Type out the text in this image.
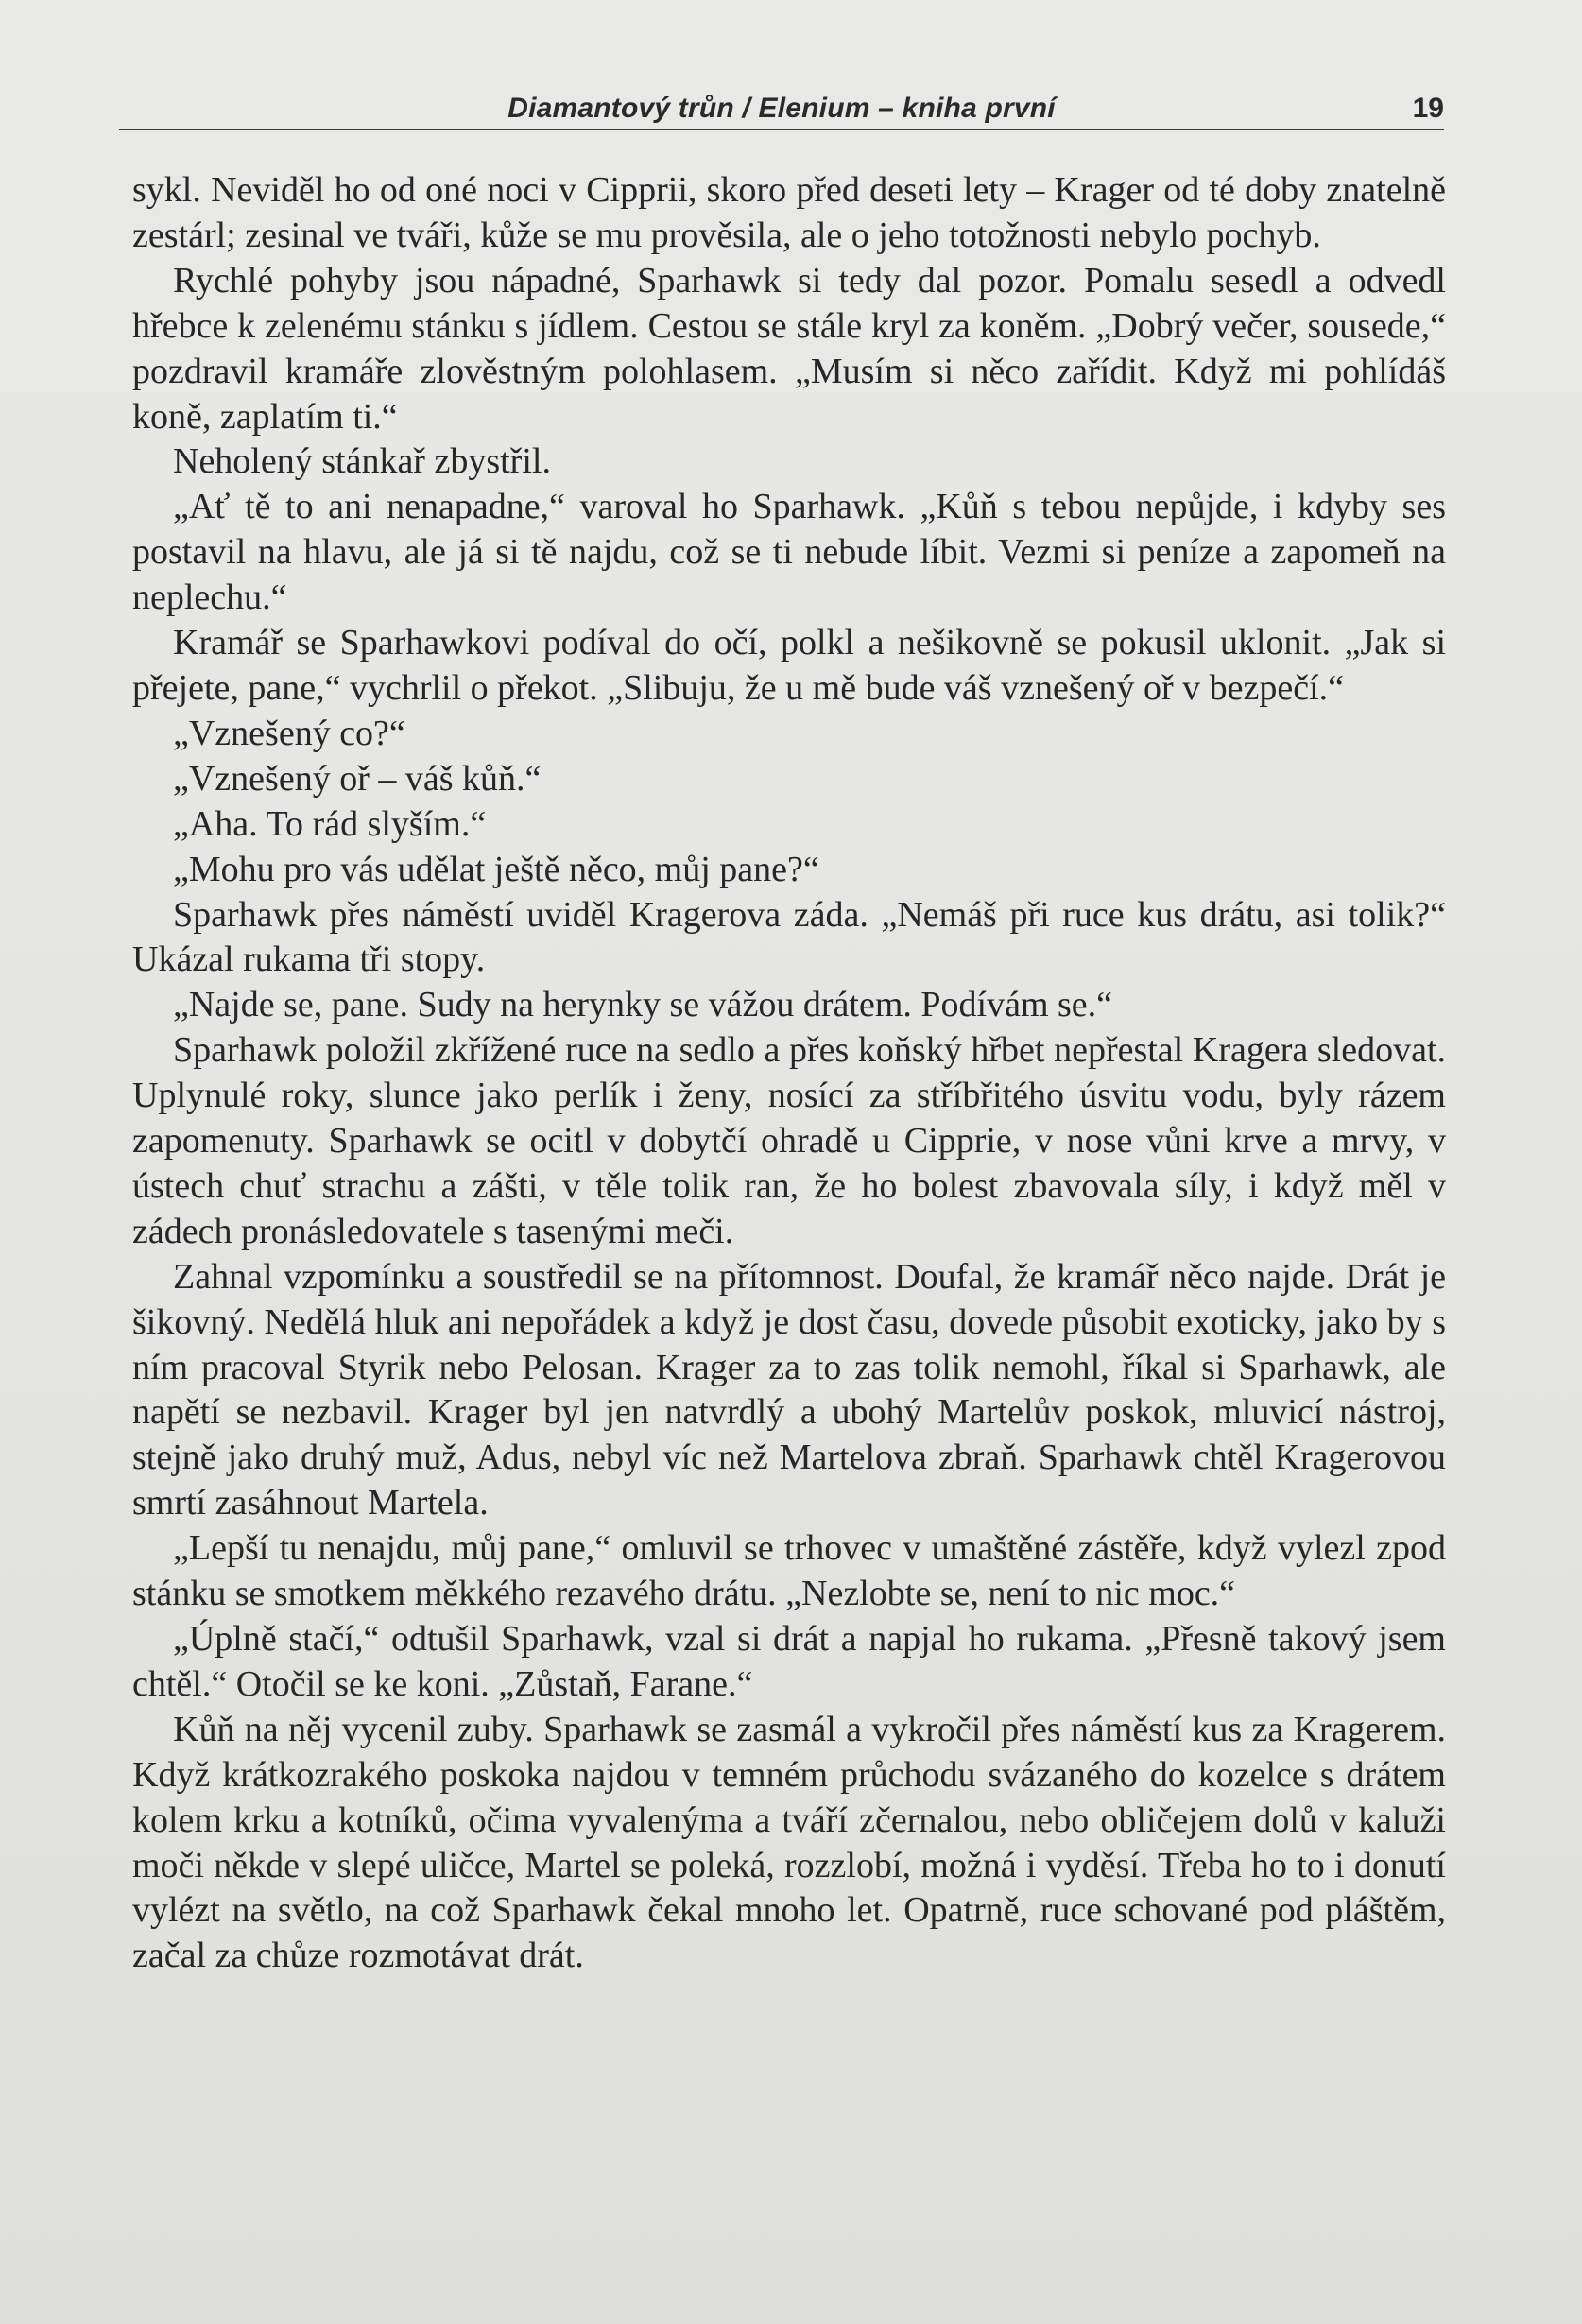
Diamantový trůn / Elenium – kniha první	19

sykl. Neviděl ho od oné noci v Cipprii, skoro před deseti lety – Krager od té doby znatelně zestárl; zesinal ve tváři, kůže se mu prověsila, ale o jeho totožnosti nebylo pochyb.

Rychlé pohyby jsou nápadné, Sparhawk si tedy dal pozor. Pomalu sesedl a odvedl hřebce k zelenému stánku s jídlem. Cestou se stále kryl za koněm. „Dobrý večer, sousede,“ pozdravil kramáře zlověstným polohlasem. „Musím si něco zařídit. Když mi pohlídáš koně, zaplatím ti.“

Neholený stánkař zbystřil.

„Ať tě to ani nenapadne,“ varoval ho Sparhawk. „Kůň s tebou nepůjde, i kdyby ses postavil na hlavu, ale já si tě najdu, což se ti nebude líbit. Vezmi si peníze a zapomeň na neplechu.“

Kramář se Sparhawkovi podíval do očí, polkl a nešikovně se pokusil uklonit. „Jak si přejete, pane,“ vychrlil o překot. „Slibuju, že u mě bude váš vznešený oř v bezpečí.“

„Vznešený co?“

„Vznešený oř – váš kůň.“

„Aha. To rád slyším.“

„Mohu pro vás udělat ještě něco, můj pane?“

Sparhawk přes náměstí uviděl Kragerova záda. „Nemáš při ruce kus drátu, asi tolik?“ Ukázal rukama tři stopy.

„Najde se, pane. Sudy na herynky se vážou drátem. Podívám se.“

Sparhawk položil zkřížené ruce na sedlo a přes koňský hřbet nepřestal Kragera sledovat. Uplynulé roky, slunce jako perlík i ženy, nosící za stříbřitého úsvitu vodu, byly rázem zapomenuty. Sparhawk se ocitl v dobytčí ohradě u Cipprie, v nose vůni krve a mrvy, v ústech chuť strachu a zášti, v těle tolik ran, že ho bolest zbavovala síly, i když měl v zádech pronásledovatele s tasenými meči.

Zahnal vzpomínku a soustředil se na přítomnost. Doufal, že kramář něco najde. Drát je šikovný. Nedělá hluk ani nepořádek a když je dost času, dovede působit exoticky, jako by s ním pracoval Styrik nebo Pelosan. Krager za to zas tolik nemohl, říkal si Sparhawk, ale napětí se nezbavil. Krager byl jen natvrdlý a ubohý Martelův poskok, mluvicí nástroj, stejně jako druhý muž, Adus, nebyl víc než Martelova zbraň. Sparhawk chtěl Kragerovou smrtí zasáhnout Martela.

„Lepší tu nenajdu, můj pane,“ omluvil se trhovec v umaštěné zástěře, když vylezl zpod stánku se smotkem měkkého rezavého drátu. „Nezlobte se, není to nic moc.“

„Úplně stačí,“ odtušil Sparhawk, vzal si drát a napjal ho rukama. „Přesně takový jsem chtěl.“ Otočil se ke koni. „Zůstaň, Farane.“

Kůň na něj vycenil zuby. Sparhawk se zasmál a vykročil přes náměstí kus za Kragerem. Když krátkozrakého poskoka najdou v temném průchodu svázaného do kozelce s drátem kolem krku a kotníků, očima vyvalenýma a tváří zčernalou, nebo obličejem dolů v kaluži moči někde v slepé uličce, Martel se poleká, rozzlobí, možná i vyděsí. Třeba ho to i donutí vylézt na světlo, na což Sparhawk čekal mnoho let. Opatrně, ruce schované pod pláštěm, začal za chůze rozmotávat drát.
